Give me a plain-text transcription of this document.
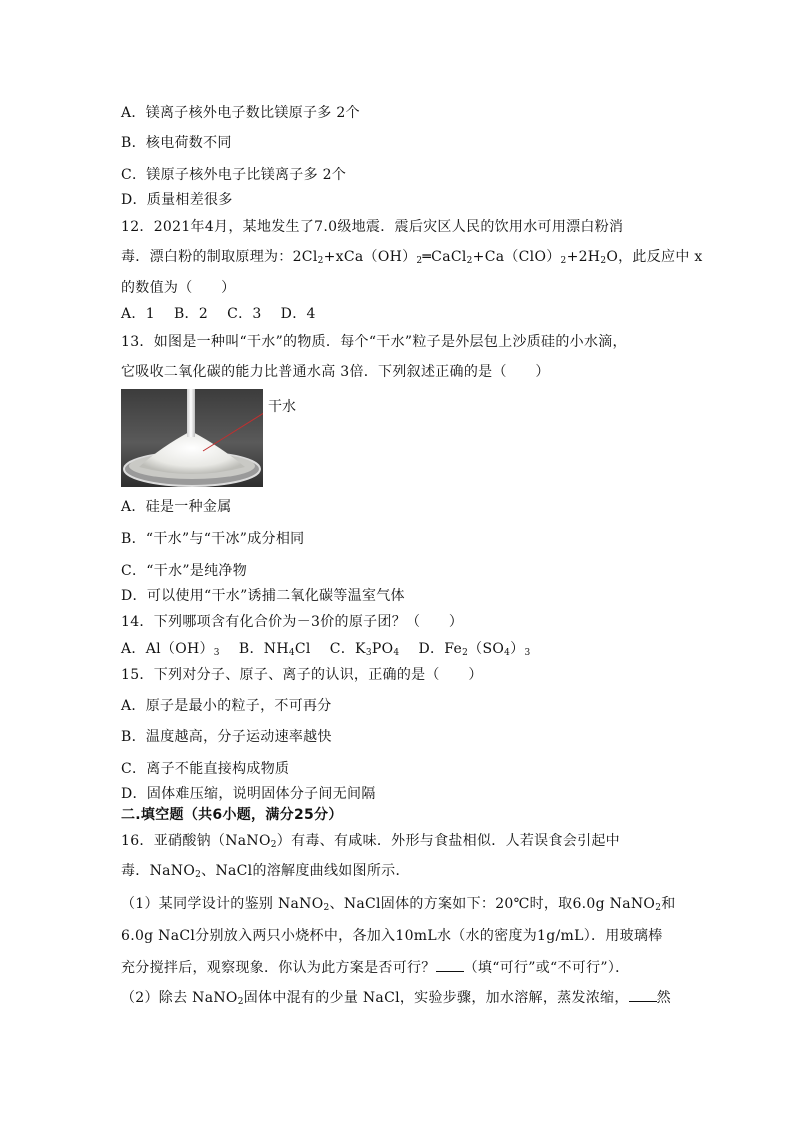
A．镁离子核外电子数比镁原子多 2个
B．核电荷数不同
C．镁原子核外电子比镁离子多 2个
D．质量相差很多
12．2021年4月，某地发生了7.0级地震．震后灾区人民的饮用水可用漂白粉消
毒．漂白粉的制取原理为：$2Cl_2+xCa(OH)_2═CaCl_2+Ca(ClO)_2+2H_2O$，此反应中 x
的数值为（　　）
A．1　 B．2　 C．3　 D．4
13．如图是一种叫“干水”的物质．每个“干水”粒子是外层包上沙质硅的小水滴，
它吸收二氧化碳的能力比普通水高 3倍．下列叙述正确的是（　　）
干水
A．硅是一种金属
B．“干水”与“干冰”成分相同
C．“干水”是纯净物
D．可以使用“干水”诱捕二氧化碳等温室气体
14．下列哪项含有化合价为－3价的原子团？（　　）
A．$Al(OH)_3$　 B．$NH_4Cl$　 C．$K_3PO_4$　 D．$Fe_2(SO_4)_3$
15．下列对分子、原子、离子的认识，正确的是（　　）
A．原子是最小的粒子，不可再分
B．温度越高，分子运动速率越快
C．离子不能直接构成物质
D．固体难压缩，说明固体分子间无间隔
二.填空题（共6小题，满分25分）
16．亚硝酸钠（NaNO$_2$）有毒、有咸味．外形与食盐相似．人若误食会引起中
毒．NaNO$_2$、NaCl的溶解度曲线如图所示．
（1）某同学设计的鉴别 NaNO$_2$、NaCl固体的方案如下：20℃时，取6.0g NaNO$_2$和
6.0g NaCl分别放入两只小烧杯中，各加入10mL水（水的密度为1g/mL）．用玻璃棒
充分搅拌后，观察现象．你认为此方案是否可行？ （填“可行”或“不可行”）．
（2）除去 NaNO$_2$固体中混有的少量 NaCl，实验步骤，加水溶解，蒸发浓缩， 然
